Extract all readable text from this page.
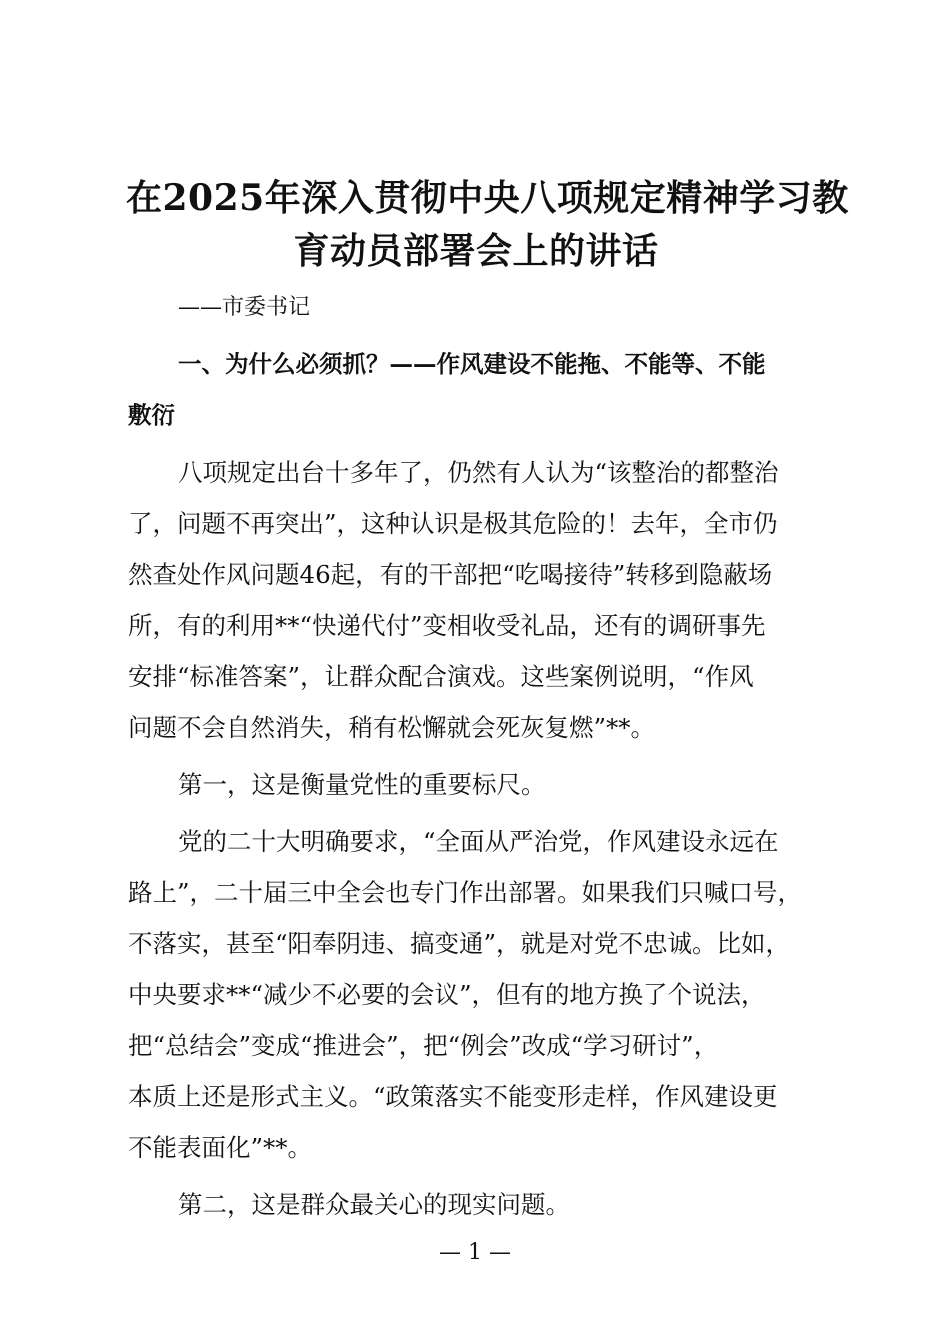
在2025年深入贯彻中央八项规定精神学习教
育动员部署会上的讲话

——市委书记

一、为什么必须抓？——作风建设不能拖、不能等、不能
敷衍

八项规定出台十多年了，仍然有人认为“该整治的都整治
了，问题不再突出”，这种认识是极其危险的！去年，全市仍
然查处作风问题46起，有的干部把“吃喝接待”转移到隐蔽场
所，有的利用**“快递代付”变相收受礼品，还有的调研事先
安排“标准答案”，让群众配合演戏。这些案例说明，“作风
问题不会自然消失，稍有松懈就会死灰复燃”**。

第一，这是衡量党性的重要标尺。

党的二十大明确要求，“全面从严治党，作风建设永远在
路上”，二十届三中全会也专门作出部署。如果我们只喊口号，
不落实，甚至“阳奉阴违、搞变通”，就是对党不忠诚。比如，
中央要求**“减少不必要的会议”，但有的地方换了个说法，
把“总结会”变成“推进会”，把“例会”改成“学习研讨”，
本质上还是形式主义。“政策落实不能变形走样，作风建设更
不能表面化”**。

第二，这是群众最关心的现实问题。

— 1 —
